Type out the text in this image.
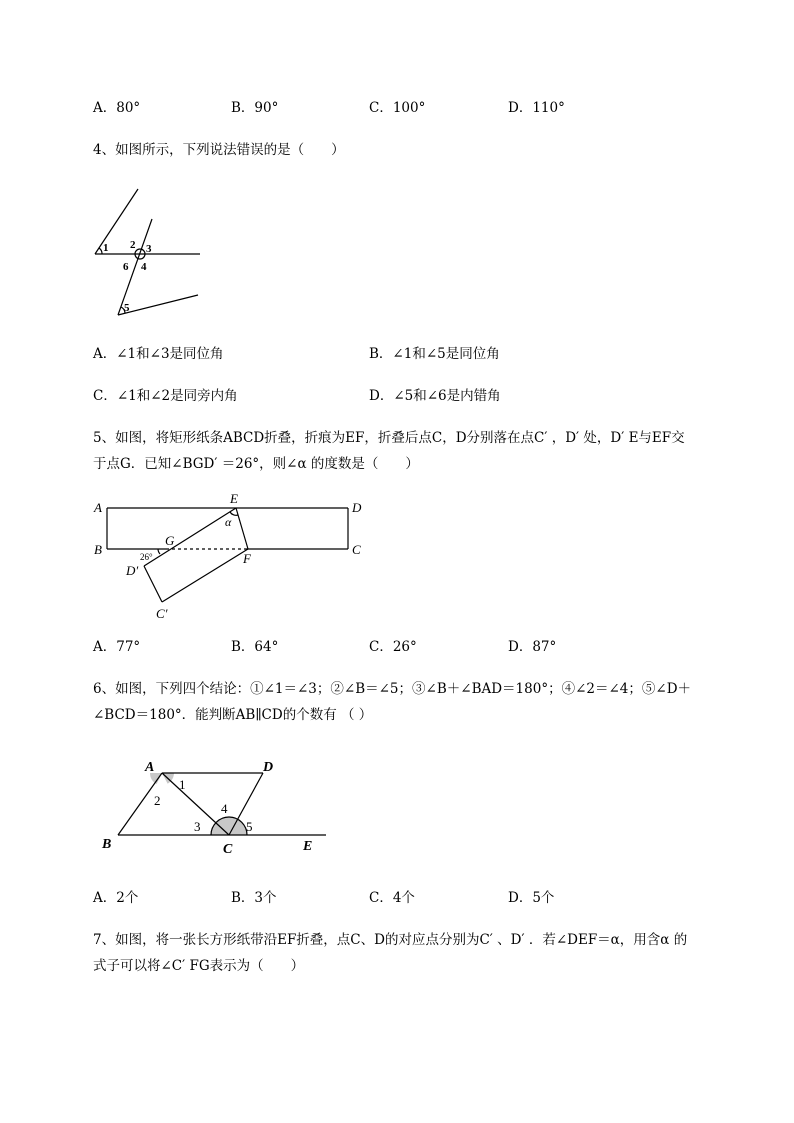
A．80°	B．90°	C．100°	D．110°
4、如图所示，下列说法错误的是（　　）
1 2 3
6 4
5
A．∠1和∠3是同位角	B．∠1和∠5是同位角
C．∠1和∠2是同旁内角	D．∠5和∠6是内错角
5、如图，将矩形纸条ABCD折叠，折痕为EF，折叠后点C，D分别落在点C′ ，D′ 处，D′ E与EF交
于点G．已知∠BGD′ ＝26°，则∠α 的度数是（　　）
A
B
D
C
E
G
F
D′
C′
α
26°
A．77°	B．64°	C．26°	D．87°
6、如图，下列四个结论：①∠1＝∠3；②∠B＝∠5；③∠B＋∠BAD＝180°；④∠2＝∠4；⑤∠D＋
∠BCD＝180°．能判断AB∥CD的个数有 （ ）
A	D
B	C	E
1
2
3
4
5
A．2个	B．3个	C．4个	D．5个
7、如图，将一张长方形纸带沿EF折叠，点C、D的对应点分别为C′ 、D′ ．若∠DEF＝α，用含α 的
式子可以将∠C′ FG表示为（　　）
